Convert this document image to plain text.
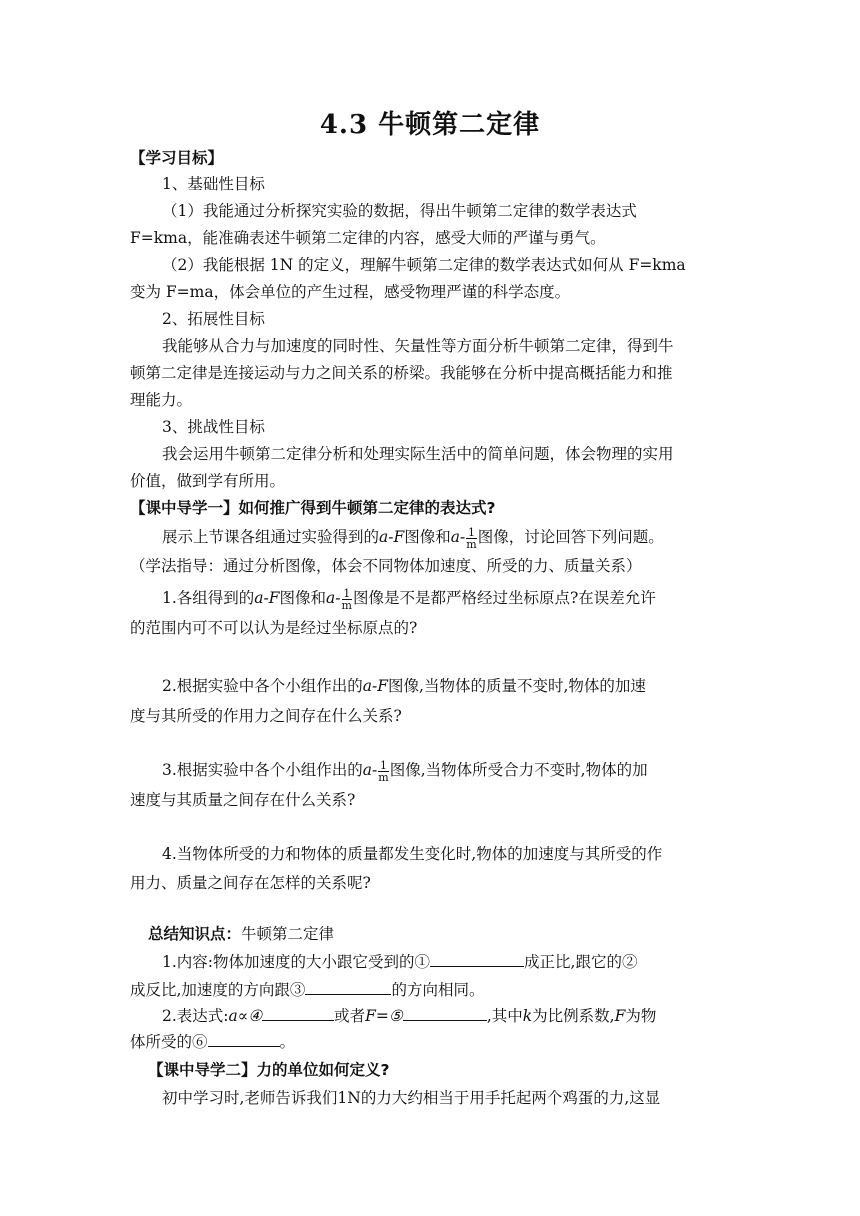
4.3 牛顿第二定律
【学习目标】
1、基础性目标
（1）我能通过分析探究实验的数据，得出牛顿第二定律的数学表达式
F=kma，能准确表述牛顿第二定律的内容，感受大师的严谨与勇气。
（2）我能根据 1N 的定义，理解牛顿第二定律的数学表达式如何从 F=kma
变为 F=ma，体会单位的产生过程，感受物理严谨的科学态度。
2、拓展性目标
我能够从合力与加速度的同时性、矢量性等方面分析牛顿第二定律，得到牛
顿第二定律是连接运动与力之间关系的桥梁。我能够在分析中提高概括能力和推
理能力。
3、挑战性目标
我会运用牛顿第二定律分析和处理实际生活中的简单问题，体会物理的实用
价值，做到学有所用。
【课中导学一】如何推广得到牛顿第二定律的表达式?
展示上节课各组通过实验得到的a-F图像和$a- \frac{1}{m}$ 图像，讨论回答下列问题。
（学法指导：通过分析图像，体会不同物体加速度、所受的力、质量关系）
1.各组得到的a-F图像和$a- \frac{1}{m}$ 图像是不是都严格经过坐标原点?在误差允许
的范围内可不可以认为是经过坐标原点的?
2.根据实验中各个小组作出的a-F图像,当物体的质量不变时,物体的加速
度与其所受的作用力之间存在什么关系?
3.根据实验中各个小组作出的$a- \frac{1}{m}$ 图像,当物体所受合力不变时,物体的加
速度与其质量之间存在什么关系?
4.当物体所受的力和物体的质量都发生变化时,物体的加速度与其所受的作
用力、质量之间存在怎样的关系呢?
总结知识点：牛顿第二定律
1.内容:物体加速度的大小跟它受到的①	成正比,跟它的②
成反比,加速度的方向跟③	的方向相同。
2.表达式:a∝④	或者F=⑤	,其中k为比例系数,F为物
体所受的⑥	。
【课中导学二】力的单位如何定义?
初中学习时,老师告诉我们1N的力大约相当于用手托起两个鸡蛋的力,这显
